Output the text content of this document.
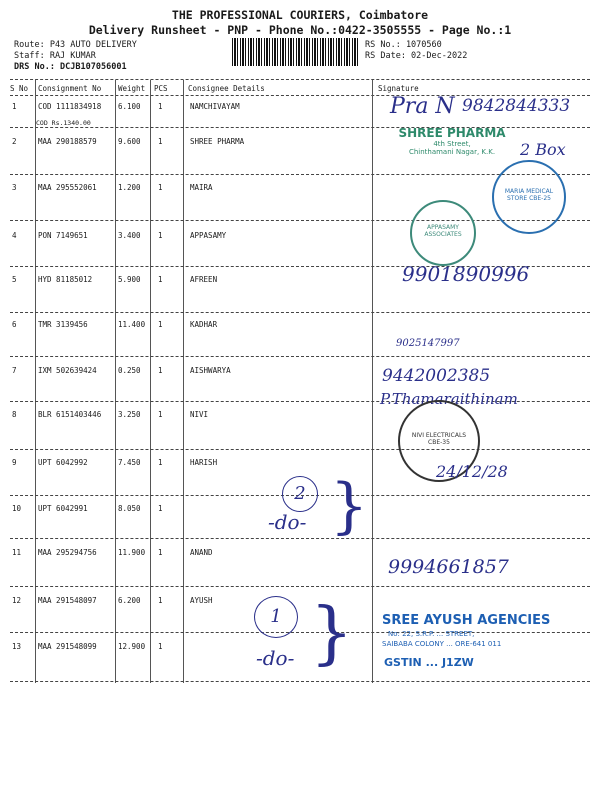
THE PROFESSIONAL COURIERS, Coimbatore
Delivery Runsheet - PNP - Phone No.:0422-3505555 - Page No.:1
Route: P43 AUTO DELIVERY
Staff: RAJ KUMAR
DRS No.: DCJB107056001
RS No.: 1070560
RS Date: 02-Dec-2022
S No Consignment No Weight PCS	Consignee Details	Signature
1	COD 1111834918 6.100 1	NAMCHIVAYAM
COD Rs.1340.00
2	MAA 290188579	9.600 1	SHREE PHARMA
3	MAA 295552061	1.200 1	MAIRA
4	PON 7149651	3.400 1	APPASAMY
5	HYD 81185012	5.900 1	AFREEN
6	TMR 3139456	11.400 1	KADHAR
7	IXM 502639424	0.250 1	AISHWARYA
8	BLR 6151403446 3.250 1	NIVI
9	UPT 6042992	7.450 1	HARISH
10 UPT 6042991	8.050 1
11 MAA 295294756	11.900 1	ANAND
12 MAA 291548097	6.200 1	AYUSH
13 MAA 291548099	12.900 1
Pra N 9842844333
SHREE PHARMA
4th Street,
Chinthamani Nagar, K.K.	2 Box
MARIA MEDICAL STORE CBE-25
APPASAMY ASSOCIATES
9901890996
9025147997
9442002385
P.Thamaraithinam
NIVI ELECTRICALS CBE-35
24/12/28
2
-do- }
9994661857
1
-do- } SREE AYUSH AGENCIES
No: 22, S.R.P. ... STREET,
SAIBABA COLONY ... ORE-641 011
GSTIN ... J1ZW
